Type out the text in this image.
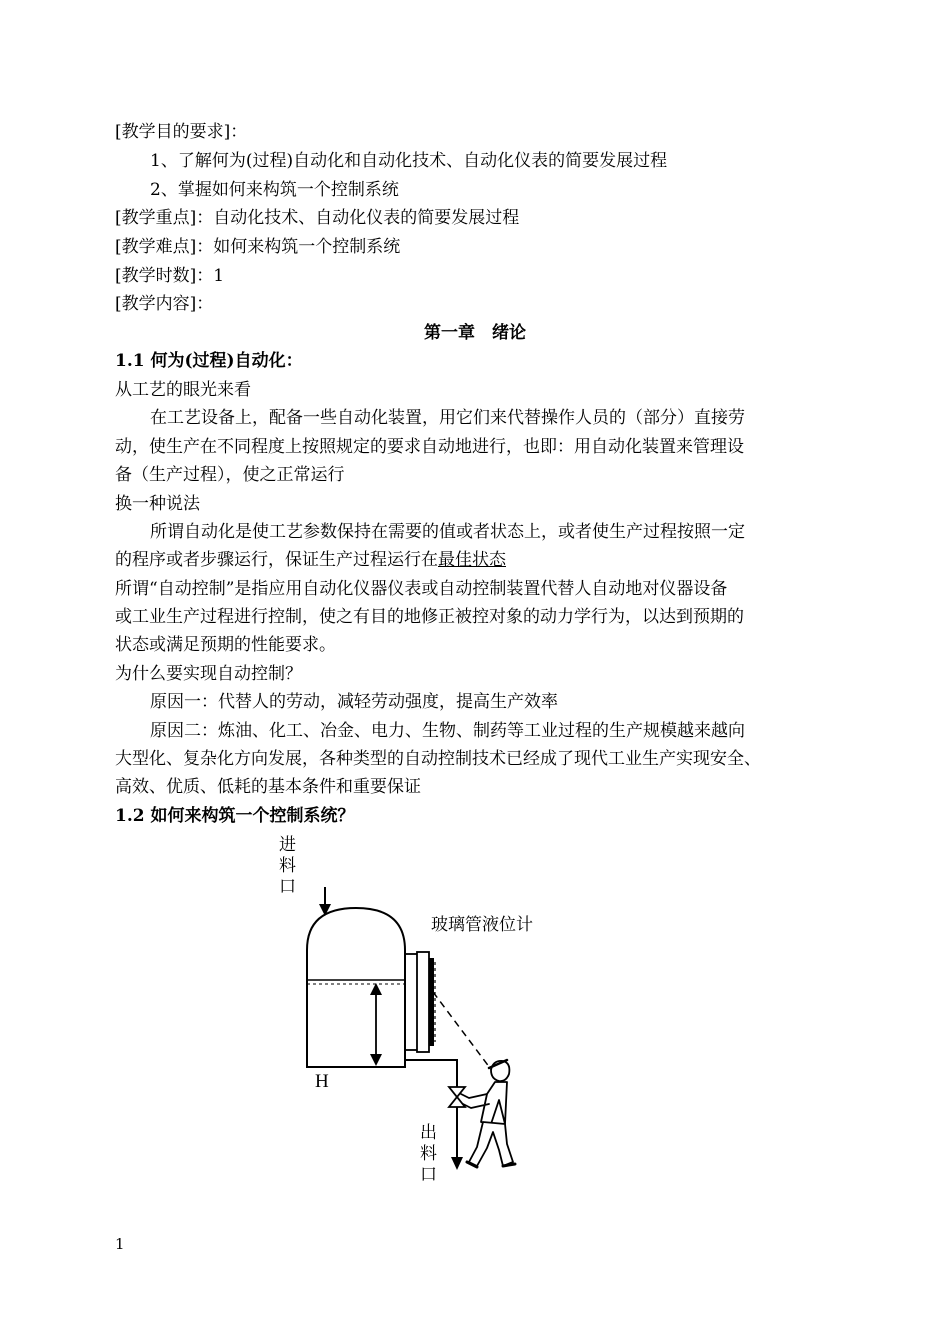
[教学目的要求]：
1、了解何为(过程)自动化和自动化技术、自动化仪表的简要发展过程
2、掌握如何来构筑一个控制系统
[教学重点]：自动化技术、自动化仪表的简要发展过程
[教学难点]：如何来构筑一个控制系统
[教学时数]：1
[教学内容]：
第一章　绪论
1.1 何为(过程)自动化：
从工艺的眼光来看
在工艺设备上，配备一些自动化装置，用它们来代替操作人员的（部分）直接劳
动，使生产在不同程度上按照规定的要求自动地进行，也即：用自动化装置来管理设
备（生产过程），使之正常运行
换一种说法
所谓自动化是使工艺参数保持在需要的值或者状态上，或者使生产过程按照一定
的程序或者步骤运行，保证生产过程运行在最佳状态
所谓“自动控制”是指应用自动化仪器仪表或自动控制装置代替人自动地对仪器设备
或工业生产过程进行控制，使之有目的地修正被控对象的动力学行为，以达到预期的
状态或满足预期的性能要求。
为什么要实现自动控制？
原因一：代替人的劳动，减轻劳动强度，提高生产效率
原因二：炼油、化工、冶金、电力、生物、制药等工业过程的生产规模越来越向
大型化、复杂化方向发展，各种类型的自动控制技术已经成了现代工业生产实现安全、
高效、优质、低耗的基本条件和重要保证
1.2 如何来构筑一个控制系统？
进
料
口
玻璃管液位计
H
出
料
口
1
